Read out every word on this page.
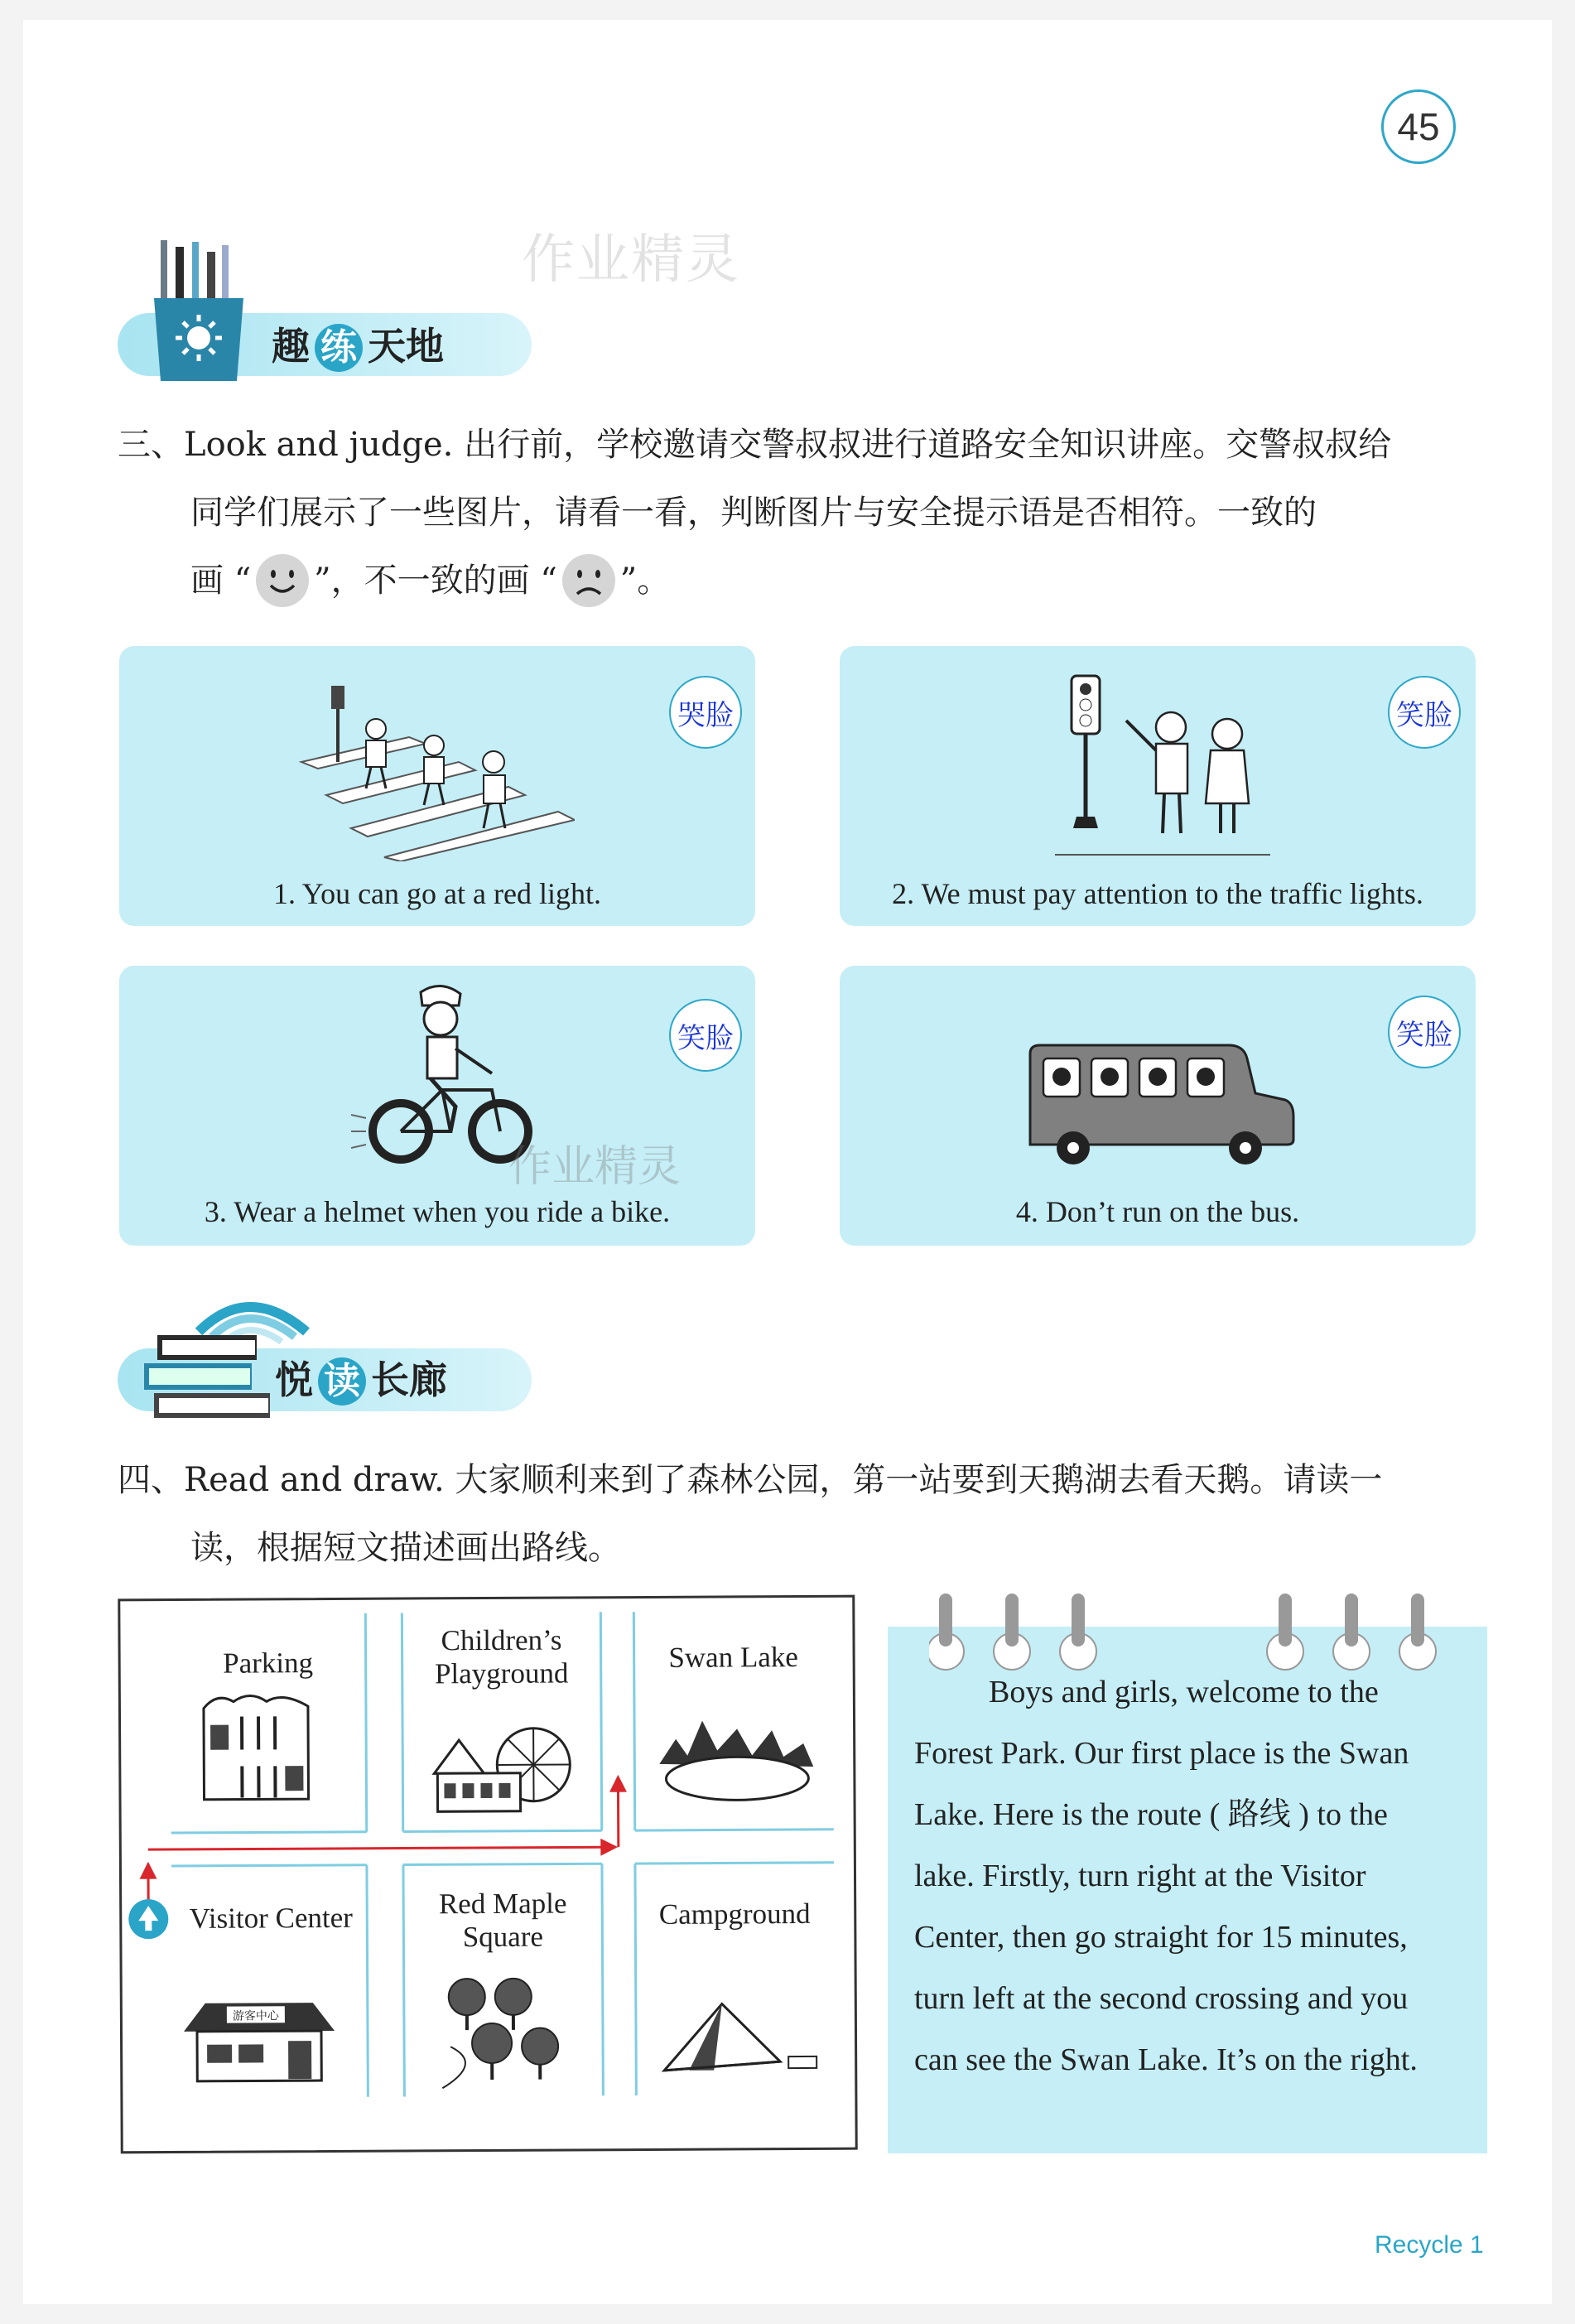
45
作业精灵
趣 练 天地
三、Look and judge. 出行前，学校邀请交警叔叔进行道路安全知识讲座。交警叔叔给
同学们展示了一些图片，请看一看，判断图片与安全提示语是否相符。一致的
画 “ ”，不一致的画 “ ”。
哭脸
1. You can go at a red light.
笑脸
2. We must pay attention to the traffic lights.
作业精灵
笑脸
3. Wear a helmet when you ride a bike.
笑脸
4. Don’t run on the bus.
悦 读 长廊
四、Read and draw. 大家顺利来到了森林公园，第一站要到天鹅湖去看天鹅。请读一
读，根据短文描述画出路线。
游客中心
Parking
Children’s
Playground	Swan Lake
Visitor Center	Red Maple
Square
Campground
Boys and girls, welcome to the
Forest Park. Our first place is the Swan
Lake. Here is the route ( 路线 ) to the
lake. Firstly, turn right at the Visitor
Center, then go straight for 15 minutes,
turn left at the second crossing and you
can see the Swan Lake. It’s on the right.
Recycle 1
